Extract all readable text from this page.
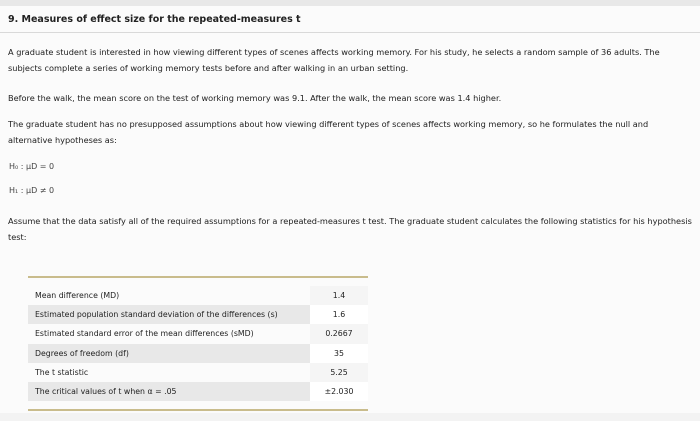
9. Measures of effect size for the repeated-measures t
A graduate student is interested in how viewing different types of scenes affects working memory. For his study, he selects a random sample of 36 adults. The subjects complete a series of working memory tests before and after walking in an urban setting.
Before the walk, the mean score on the test of working memory was 9.1. After the walk, the mean score was 1.4 higher.
The graduate student has no presupposed assumptions about how viewing different types of scenes affects working memory, so he formulates the null and alternative hypotheses as:
H₀ : μD = 0
H₁ : μD ≠ 0
Assume that the data satisfy all of the required assumptions for a repeated-measures t test. The graduate student calculates the following statistics for his hypothesis test:
Mean difference (MD)	1.4
Estimated population standard deviation of the differences (s)	1.6
Estimated standard error of the mean differences (sMD)	0.2667
Degrees of freedom (df)	35
The t statistic	5.25
The critical values of t when α = .05	±2.030
